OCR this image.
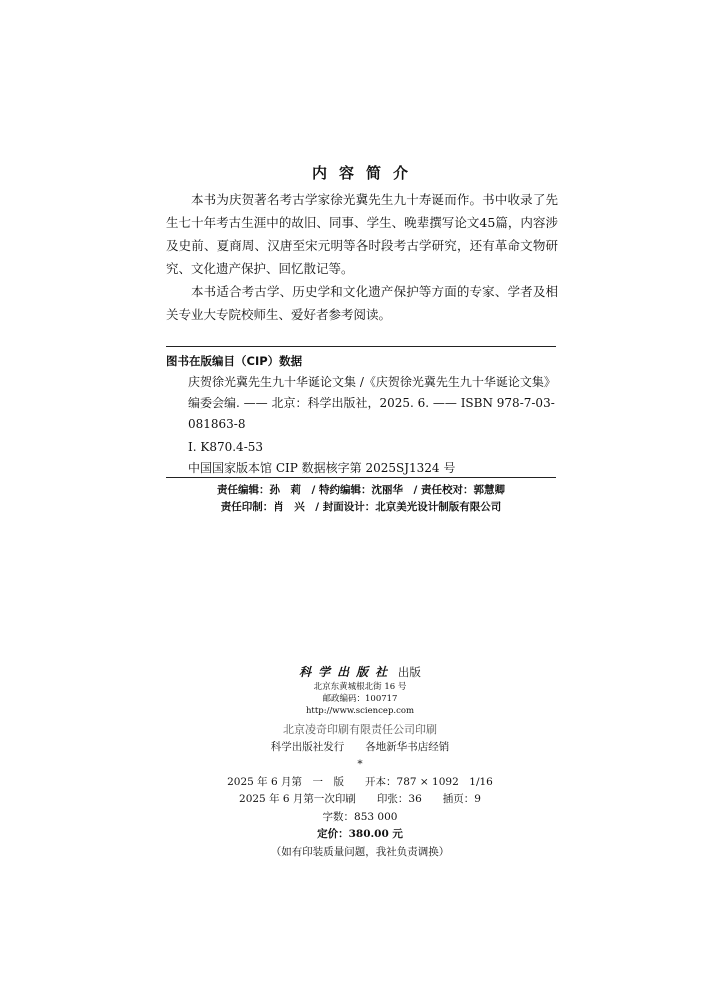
内容简介

本书为庆贺著名考古学家徐光冀先生九十寿诞而作。书中收录了先生七十年考古生涯中的故旧、同事、学生、晚辈撰写论文45篇，内容涉及史前、夏商周、汉唐至宋元明等各时段考古学研究，还有革命文物研究、文化遗产保护、回忆散记等。

本书适合考古学、历史学和文化遗产保护等方面的专家、学者及相关专业大专院校师生、爱好者参考阅读。

图书在版编目（CIP）数据
庆贺徐光冀先生九十华诞论文集 /《庆贺徐光冀先生九十华诞论文集》编委会编. —— 北京：科学出版社，2025. 6. —— ISBN 978-7-03-081863-8
Ⅰ. K870.4-53
中国国家版本馆 CIP 数据核字第 2025SJ1324 号
责任编辑：孙　莉　/ 特约编辑：沈丽华　/ 责任校对：郭慧卿
责任印制：肖　兴　/ 封面设计：北京美光设计制版有限公司
科学出版社 出版
北京东黄城根北街 16 号
邮政编码：100717
http://www.sciencep.com
北京凌奇印刷有限责任公司印刷
科学出版社发行　　各地新华书店经销
*
2025 年 6 月第　一　版　　开本：787 × 1092　1/16
2025 年 6 月第一次印刷　　印张：36　　插页：9
字数：853 000
定价：380.00 元
（如有印装质量问题，我社负责调换）
